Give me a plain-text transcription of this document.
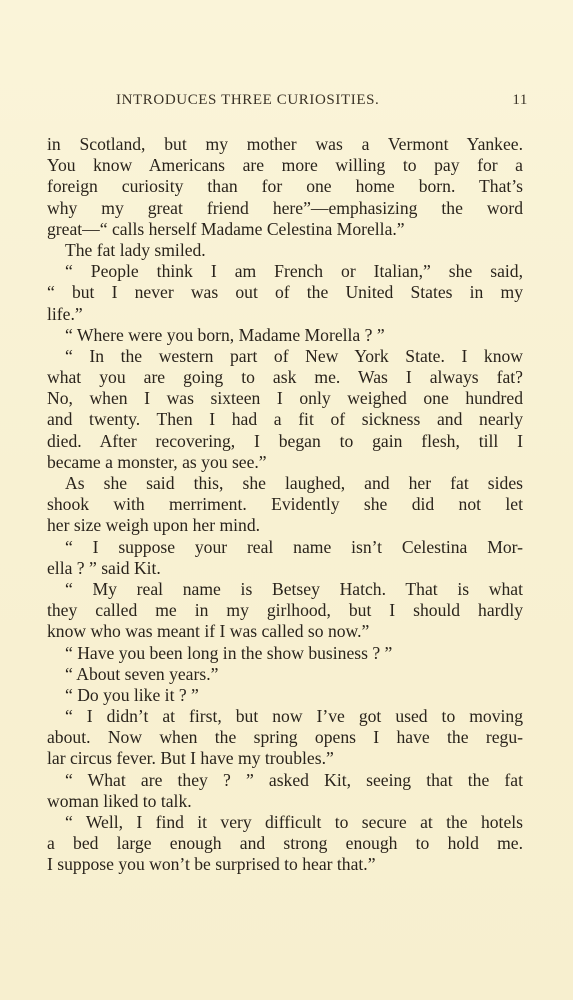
INTRODUCES THREE CURIOSITIES.	11
in Scotland, but my mother was a Vermont Yankee.
You know Americans are more willing to pay for a
foreign curiosity than for one home born. That’s
why my great friend here”—emphasizing the word
great—“ calls herself Madame Celestina Morella.”
The fat lady smiled.
“ People think I am French or Italian,” she said,
“ but I never was out of the United States in my
life.”
“ Where were you born, Madame Morella ? ”
“ In the western part of New York State. I know
what you are going to ask me. Was I always fat?
No, when I was sixteen I only weighed one hundred
and twenty. Then I had a fit of sickness and nearly
died. After recovering, I began to gain flesh, till I
became a monster, as you see.”
As she said this, she laughed, and her fat sides
shook with merriment. Evidently she did not let
her size weigh upon her mind.
“ I suppose your real name isn’t Celestina Mor-
ella ? ” said Kit.
“ My real name is Betsey Hatch. That is what
they called me in my girlhood, but I should hardly
know who was meant if I was called so now.”
“ Have you been long in the show business ? ”
“ About seven years.”
“ Do you like it ? ”
“ I didn’t at first, but now I’ve got used to moving
about. Now when the spring opens I have the regu-
lar circus fever. But I have my troubles.”
“ What are they ? ” asked Kit, seeing that the fat
woman liked to talk.
“ Well, I find it very difficult to secure at the hotels
a bed large enough and strong enough to hold me.
I suppose you won’t be surprised to hear that.”
